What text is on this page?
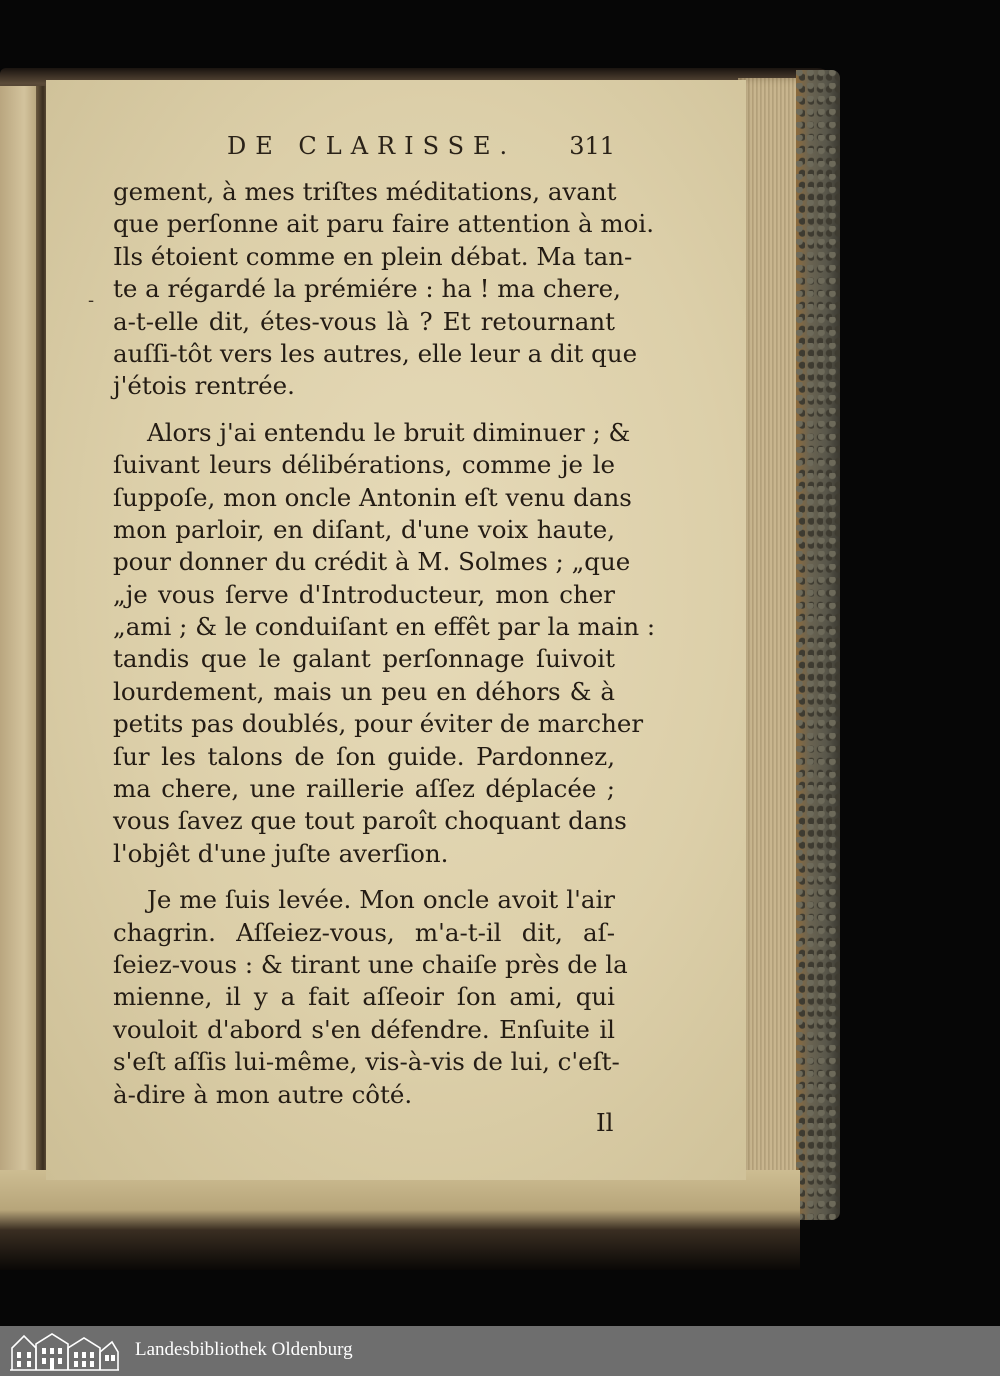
DE CLARISSE. 311
-
gement, à mes triſtes méditations, avant
que perſonne ait paru faire attention à moi.
Ils étoient comme en plein débat. Ma tan-
te a régardé la prémiére : ha ! ma chere,
a-t-elle dit, étes-vous là ? Et retournant
auſſi-tôt vers les autres, elle leur a dit que
j'étois rentrée.
Alors j'ai entendu le bruit diminuer ; &
ſuivant leurs délibérations, comme je le
ſuppoſe, mon oncle Antonin eſt venu dans
mon parloir, en diſant, d'une voix haute,
pour donner du crédit à M. Solmes ; „que
„je vous ſerve d'Introducteur, mon cher
„ami ; & le conduiſant en effêt par la main :
tandis que le galant perſonnage ſuivoit
lourdement, mais un peu en déhors & à
petits pas doublés, pour éviter de marcher
ſur les talons de ſon guide. Pardonnez,
ma chere, une raillerie aſſez déplacée ;
vous ſavez que tout paroît choquant dans
l'objêt d'une juſte averſion.
Je me ſuis levée. Mon oncle avoit l'air
chagrin. Aſſeiez-vous, m'a-t-il dit, aſ-
ſeiez-vous : & tirant une chaiſe près de la
mienne, il y a fait aſſeoir ſon ami, qui
vouloit d'abord s'en défendre. Enſuite il
s'eſt aſſis lui-même, vis-à-vis de lui, c'eſt-
à-dire à mon autre côté.
Il
Landesbibliothek Oldenburg
